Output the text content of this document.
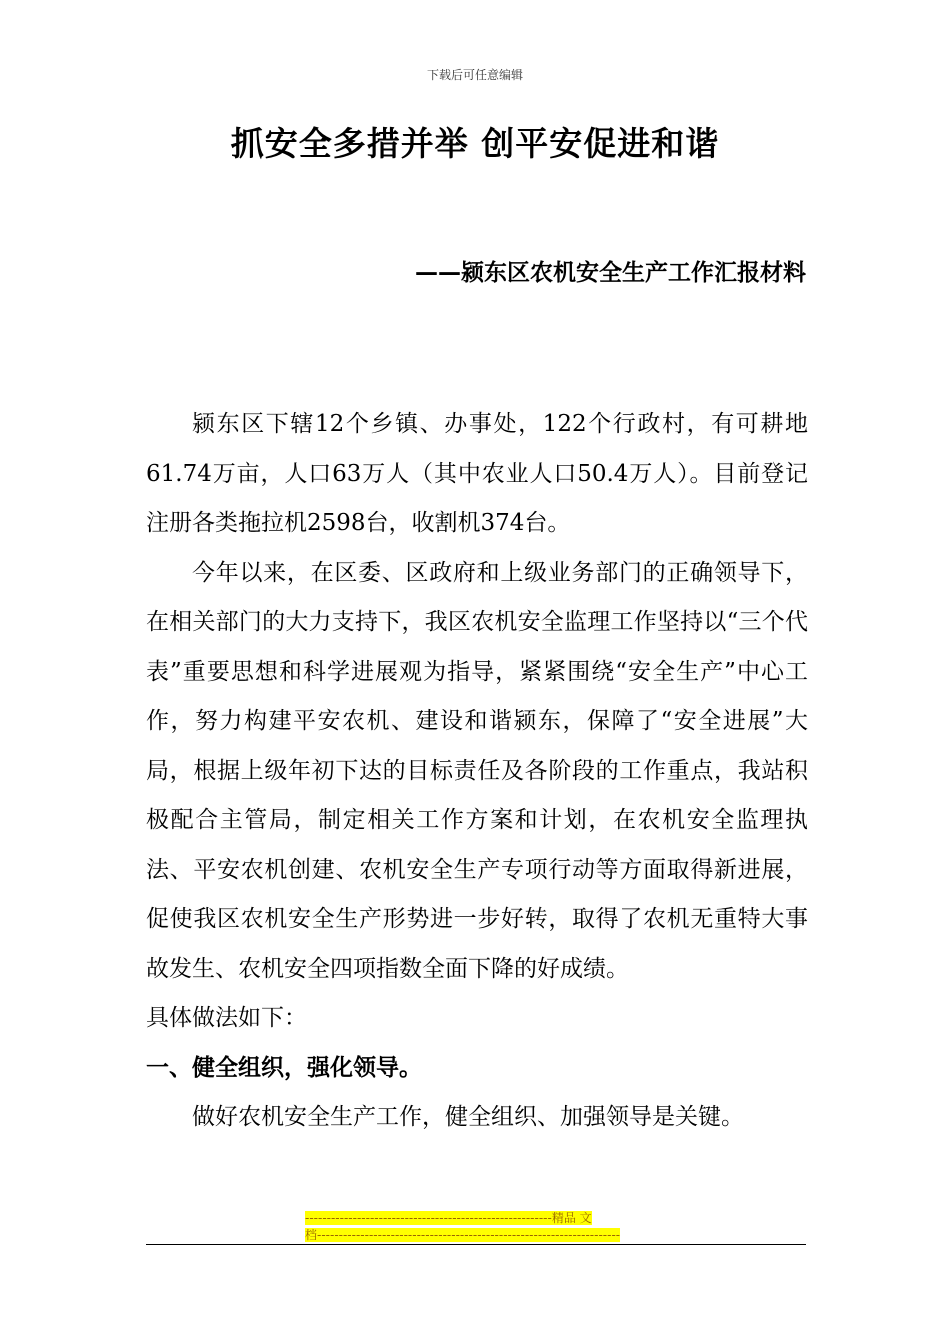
下载后可任意编辑
抓安全多措并举 创平安促进和谐
——颍东区农机安全生产工作汇报材料

颍东区下辖12个乡镇、办事处，122个行政村，有可耕地61.74万亩，人口63万人（其中农业人口50.4万人）。目前登记注册各类拖拉机2598台，收割机374台。

今年以来，在区委、区政府和上级业务部门的正确领导下，在相关部门的大力支持下，我区农机安全监理工作坚持以“三个代表”重要思想和科学进展观为指导，紧紧围绕“安全生产”中心工作，努力构建平安农机、建设和谐颍东，保障了“安全进展”大局，根据上级年初下达的目标责任及各阶段的工作重点，我站积极配合主管局，制定相关工作方案和计划，在农机安全监理执法、平安农机创建、农机安全生产专项行动等方面取得新进展，促使我区农机安全生产形势进一步好转，取得了农机无重特大事故发生、农机安全四项指数全面下降的好成绩。

具体做法如下：

一、健全组织，强化领导。

做好农机安全生产工作，健全组织、加强领导是关键。

---------------------------------------------------------精品 文
档----------------------------------------------------------------------
